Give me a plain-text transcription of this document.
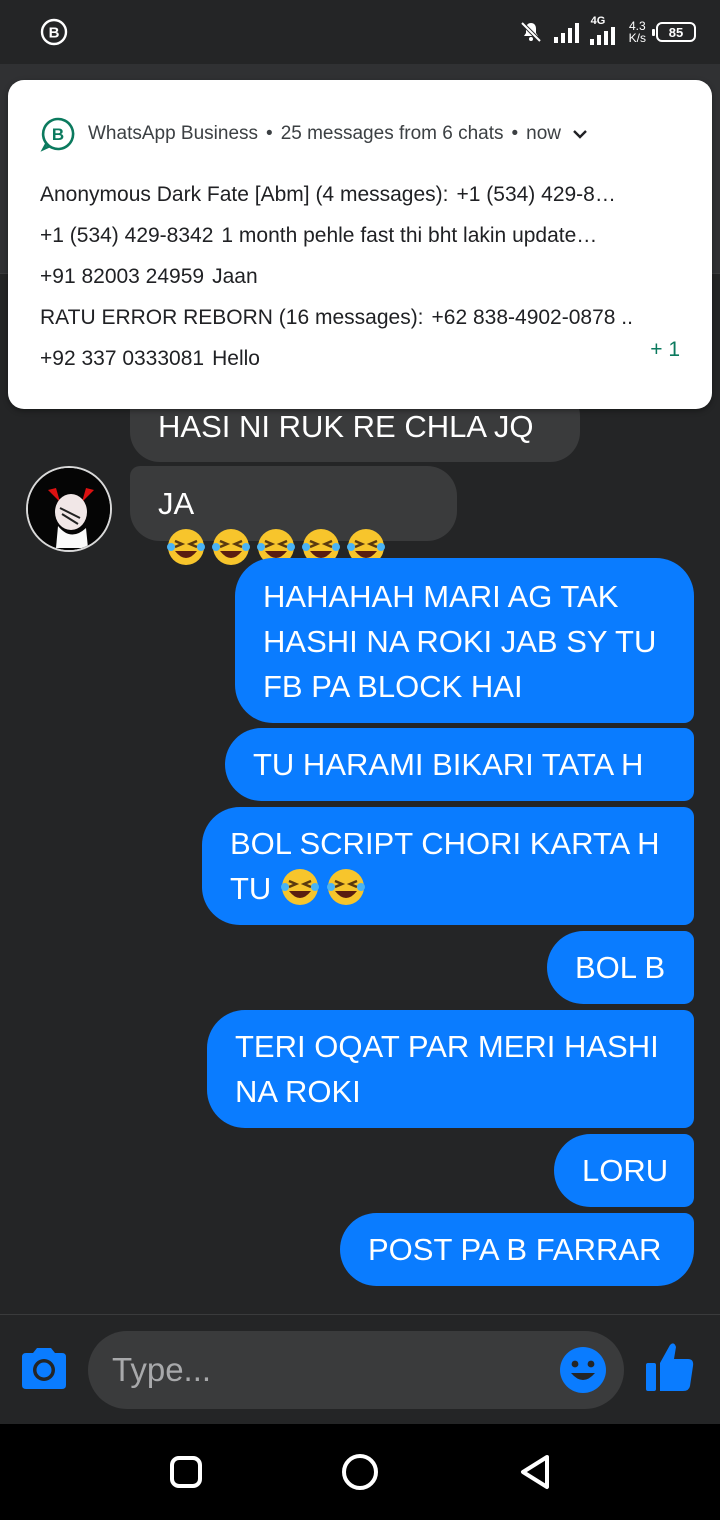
B
4G 4.3
K/s 85
HASI NI RUK RE CHLA JQ
JA
HAHAHAH MARI AG TAK
HASHI NA ROKI JAB SY TU
FB PA BLOCK HAI
TU HARAMI BIKARI TATA H
BOL SCRIPT CHORI KARTA H
TU
BOL B
TERI OQAT PAR MERI HASHI
NA ROKI
LORU
POST PA B FARRAR
B WhatsApp Business • 25 messages from 6 chats • now
Anonymous Dark Fate [Abm] (4 messages): +1 (534) 429-8…
+1 (534) 429-8342 1 month pehle fast thi bht lakin update…
+91 82003 24959 Jaan
RATU ERROR REBORN (16 messages): +62 838-4902-0878 ..
+92 337 0333081 Hello	+ 1
Type...
